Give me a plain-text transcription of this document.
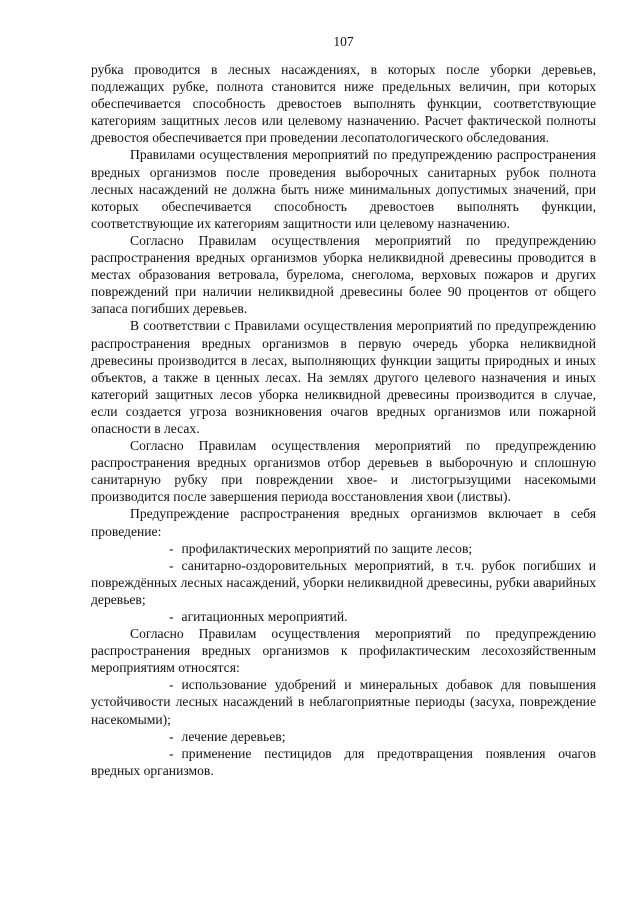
107

рубка проводится в лесных насаждениях, в которых после уборки деревьев, подлежащих рубке, полнота становится ниже предельных величин, при которых обеспечивается способность древостоев выполнять функции, соответствующие категориям защитных лесов или целевому назначению. Расчет фактической полноты древостоя обеспечивается при проведении лесопатологического обследования.

Правилами осуществления мероприятий по предупреждению распространения вредных организмов после проведения выборочных санитарных рубок полнота лесных насаждений не должна быть ниже минимальных допустимых значений, при которых обеспечивается способность древостоев выполнять функции, соответствующие их категориям защитности или целевому назначению.

Согласно Правилам осуществления мероприятий по предупреждению распространения вредных организмов уборка неликвидной древесины проводится в местах образования ветровала, бурелома, снеголома, верховых пожаров и других повреждений при наличии неликвидной древесины более 90 процентов от общего запаса погибших деревьев.

В соответствии с Правилами осуществления мероприятий по предупреждению распространения вредных организмов в первую очередь уборка неликвидной древесины производится в лесах, выполняющих функции защиты природных и иных объектов, а также в ценных лесах. На землях другого целевого назначения и иных категорий защитных лесов уборка неликвидной древесины производится в случае, если создается угроза возникновения очагов вредных организмов или пожарной опасности в лесах.

Согласно Правилам осуществления мероприятий по предупреждению распространения вредных организмов отбор деревьев в выборочную и сплошную санитарную рубку при повреждении хвое- и листогрызущими насекомыми производится после завершения периода восстановления хвои (листвы).

Предупреждение распространения вредных организмов включает в себя проведение:

- профилактических мероприятий по защите лесов;

- санитарно-оздоровительных мероприятий, в т.ч. рубок погибших и повреждённых лесных насаждений, уборки неликвидной древесины, рубки аварийных деревьев;

- агитационных мероприятий.

Согласно Правилам осуществления мероприятий по предупреждению распространения вредных организмов к профилактическим лесохозяйственным мероприятиям относятся:

- использование удобрений и минеральных добавок для повышения устойчивости лесных насаждений в неблагоприятные периоды (засуха, повреждение насекомыми);

- лечение деревьев;

- применение пестицидов для предотвращения появления очагов вредных организмов.
